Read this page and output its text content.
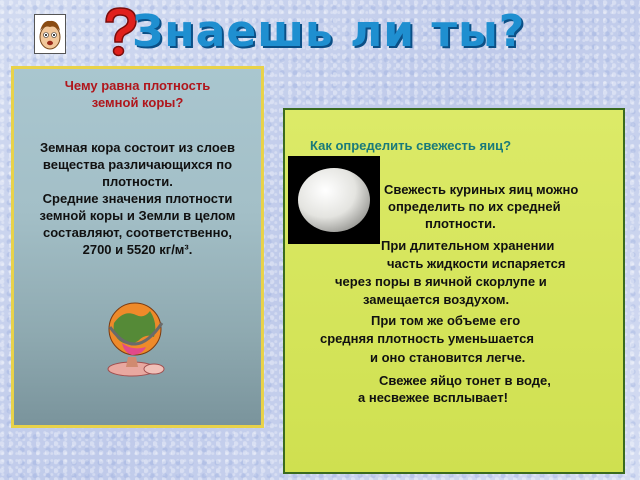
Знаешь ли ты?
Чему равна плотность
земной коры?
Земная кора состоит из слоев
вещества различающихся по
плотности.
Средние значения плотности
земной коры и Земли в целом
составляют, соответственно,
2700 и 5520 кг/м³.
Как определить свежесть яиц?
Свежесть куриных яиц можно
определить по их средней
плотности.
При длительном хранении
часть жидкости испаряется
через поры в яичной скорлупе и
замещается воздухом.
При том же объеме его
средняя плотность уменьшается
и оно становится легче.
Свежее яйцо тонет в воде,
а несвежее всплывает!
